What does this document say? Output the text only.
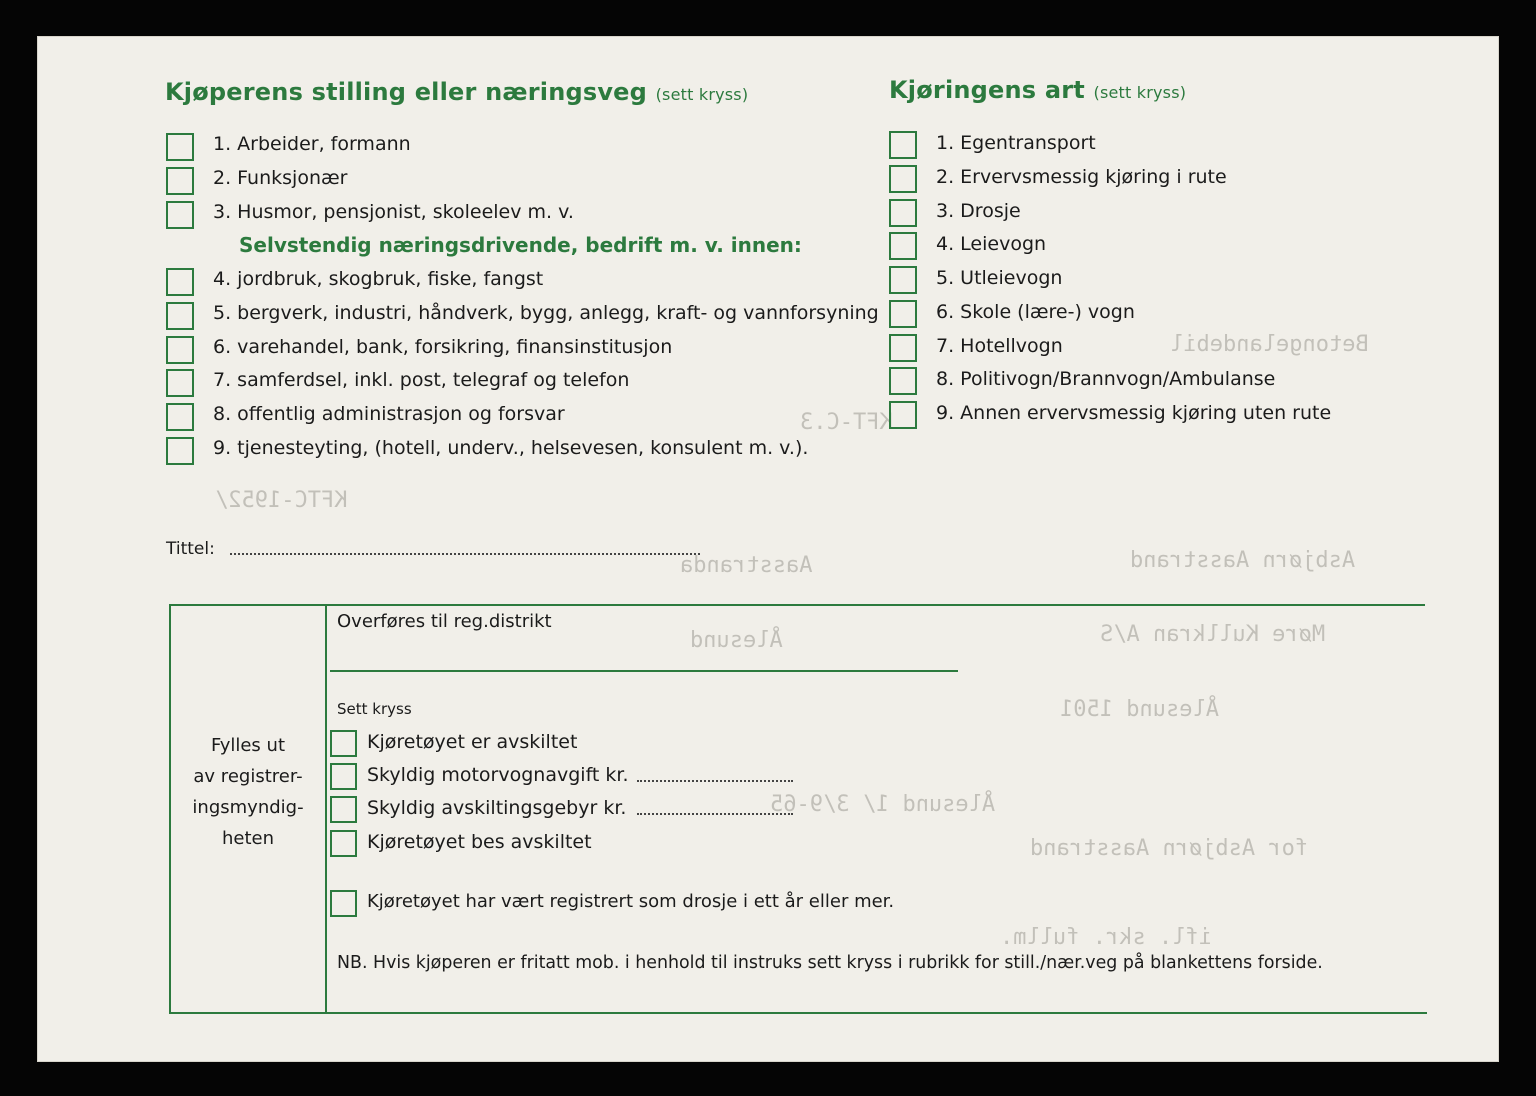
Betongelandebil
Asbjørn Aasstrand
Aasstranda
Møre Kullkran A/S
Ålesund
Ålesund 1501
Ålesund 1/ 3/9-65
for Asbjørn Aasstrand
ifl. skr. fullm.
KFT-C.3
KFTC-1952/
Kjøperens stilling eller næringsveg (sett kryss)
1. Arbeider, formann
2. Funksjonær
3. Husmor, pensjonist, skoleelev m. v.
Selvstendig næringsdrivende, bedrift m. v. innen:
4. jordbruk, skogbruk, fiske, fangst
5. bergverk, industri, håndverk, bygg, anlegg, kraft- og vannforsyning
6. varehandel, bank, forsikring, finansinstitusjon
7. samferdsel, inkl. post, telegraf og telefon
8. offentlig administrasjon og forsvar
9. tjenesteyting, (hotell, underv., helsevesen, konsulent m. v.).
Tittel:
Kjøringens art (sett kryss)
1. Egentransport
2. Ervervsmessig kjøring i rute
3. Drosje
4. Leievogn
5. Utleievogn
6. Skole (lære-) vogn
7. Hotellvogn
8. Politivogn/Brannvogn/Ambulanse
9. Annen ervervsmessig kjøring uten rute
Fylles ut
av registrer-
ingsmyndig-
heten
Overføres til reg.distrikt
Sett kryss
Kjøretøyet er avskiltet
Skyldig motorvognavgift kr.
Skyldig avskiltingsgebyr kr.
Kjøretøyet bes avskiltet
Kjøretøyet har vært registrert som drosje i ett år eller mer.
NB. Hvis kjøperen er fritatt mob. i henhold til instruks sett kryss i rubrikk for still./nær.veg på blankettens forside.
